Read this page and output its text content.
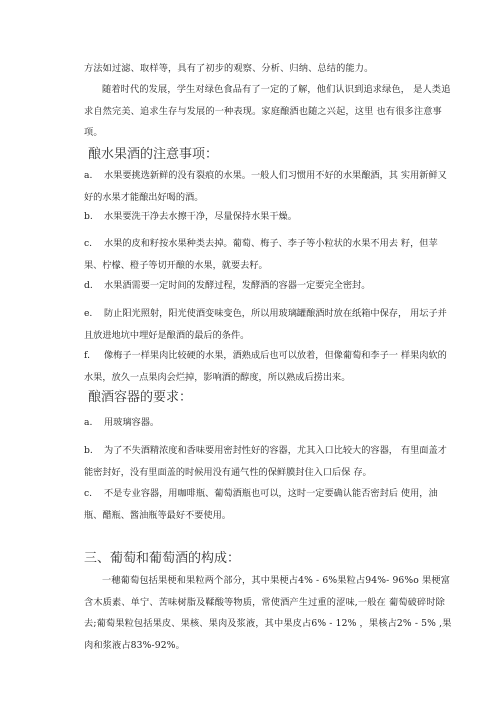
方法如过滤、取样等，具有了初步的观察、分析、归纳、总结的能力。
随着时代的发展，学生对绿色食品有了一定的了解，他们认识到追求绿色， 是人类追求自然完美、追求生存与发展的一种表现。家庭酿酒也随之兴起，这里 也有很多注意事项。
酿水果酒的注意事项：
a. 水果要挑选新鲜的没有裂痕的水果。一般人们习惯用不好的水果酿酒，其 实用新鲜又好的水果才能酿出好喝的酒。
b. 水果要洗干净去水擦干净，尽量保持水果干燥。
c. 水果的皮和籽按水果种类去掉。葡萄、梅子、李子等小粒状的水果不用去 籽，但苹果、柠檬、橙子等切开酿的水果，就要去籽。
d. 水果酒需要一定时间的发酵过程，发酵酒的容器一定要完全密封。
e. 防止阳光照射，阳光使酒变味变色，所以用玻璃罐酿酒时放在纸箱中保存， 用坛子并且放进地坑中埋好是酿酒的最后的条件。
f. 像梅子一样果肉比较硬的水果，酒熟成后也可以放着，但像葡萄和李子一 样果肉软的水果，放久一点果肉会烂掉，影响酒的醇度，所以熟成后捞出来。
酿酒容器的要求：
a. 用玻璃容器。
b. 为了不失酒精浓度和香味要用密封性好的容器，尤其入口比较大的容器， 有里面盖才能密封好，没有里面盖的时候用没有通气性的保鲜膜封住入口后保 存。
c. 不是专业容器，用咖啡瓶、葡萄酒瓶也可以，这时一定要确认能否密封后 使用，油瓶、醋瓶、酱油瓶等最好不要使用。
三、葡萄和葡萄酒的构成：
一穗葡萄包括果梗和果粒两个部分，其中果梗占4% - 6%果粒占94%- 96%o 果梗富含木质素、单宁、苦味树脂及鞣酸等物质，常使酒产生过重的涩味,一般在 葡萄破碎时除去;葡萄果粒包括果皮、果核、果肉及浆液，其中果皮占6% - 12% ，果核占2% - 5% ,果肉和浆液占83%-92%。
